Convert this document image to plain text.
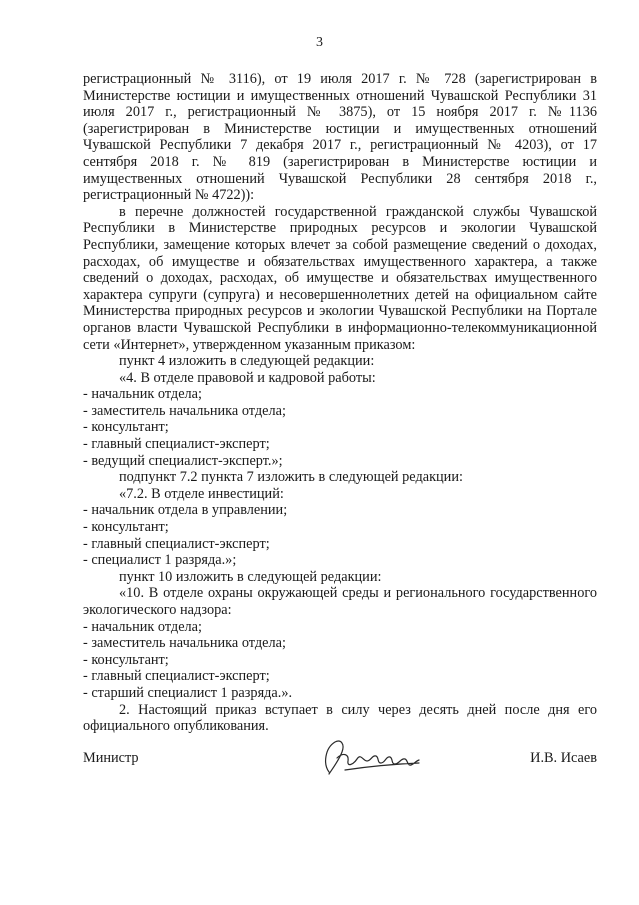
3

регистрационный № 3116), от 19 июля 2017 г. № 728 (зарегистрирован в Министерстве юстиции и имущественных отношений Чувашской Республики 31 июля 2017 г., регистрационный № 3875), от 15 ноября 2017 г. №1136 (зарегистрирован в Министерстве юстиции и имущественных отношений Чувашской Республики 7 декабря 2017 г., регистрационный № 4203), от 17 сентября 2018 г. № 819 (зарегистрирован в Министерстве юстиции и имущественных отношений Чувашской Республики 28 сентября 2018 г., регистрационный № 4722)):

в перечне должностей государственной гражданской службы Чувашской Республики в Министерстве природных ресурсов и экологии Чувашской Республики, замещение которых влечет за собой размещение сведений о доходах, расходах, об имуществе и обязательствах имущественного характера, а также сведений о доходах, расходах, об имуществе и обязательствах имущественного характера супруги (супруга) и несовершеннолетних детей на официальном сайте Министерства природных ресурсов и экологии Чувашской Республики на Портале органов власти Чувашской Республики в информационно-телекоммуникационной сети «Интернет», утвержденном указанным приказом:

пункт 4 изложить в следующей редакции:

«4. В отделе правовой и кадровой работы:

- начальник отдела;

- заместитель начальника отдела;

- консультант;

- главный специалист-эксперт;

- ведущий специалист-эксперт.»;

подпункт 7.2 пункта 7 изложить в следующей редакции:

«7.2. В отделе инвестиций:

- начальник отдела в управлении;

- консультант;

- главный специалист-эксперт;

- специалист 1 разряда.»;

пункт 10 изложить в следующей редакции:

«10. В отделе охраны окружающей среды и регионального государственного экологического надзора:

- начальник отдела;

- заместитель начальника отдела;

- консультант;

- главный специалист-эксперт;

- старший специалист 1 разряда.».

2. Настоящий приказ вступает в силу через десять дней после дня его официального опубликования.

Министр	И.В. Исаев
